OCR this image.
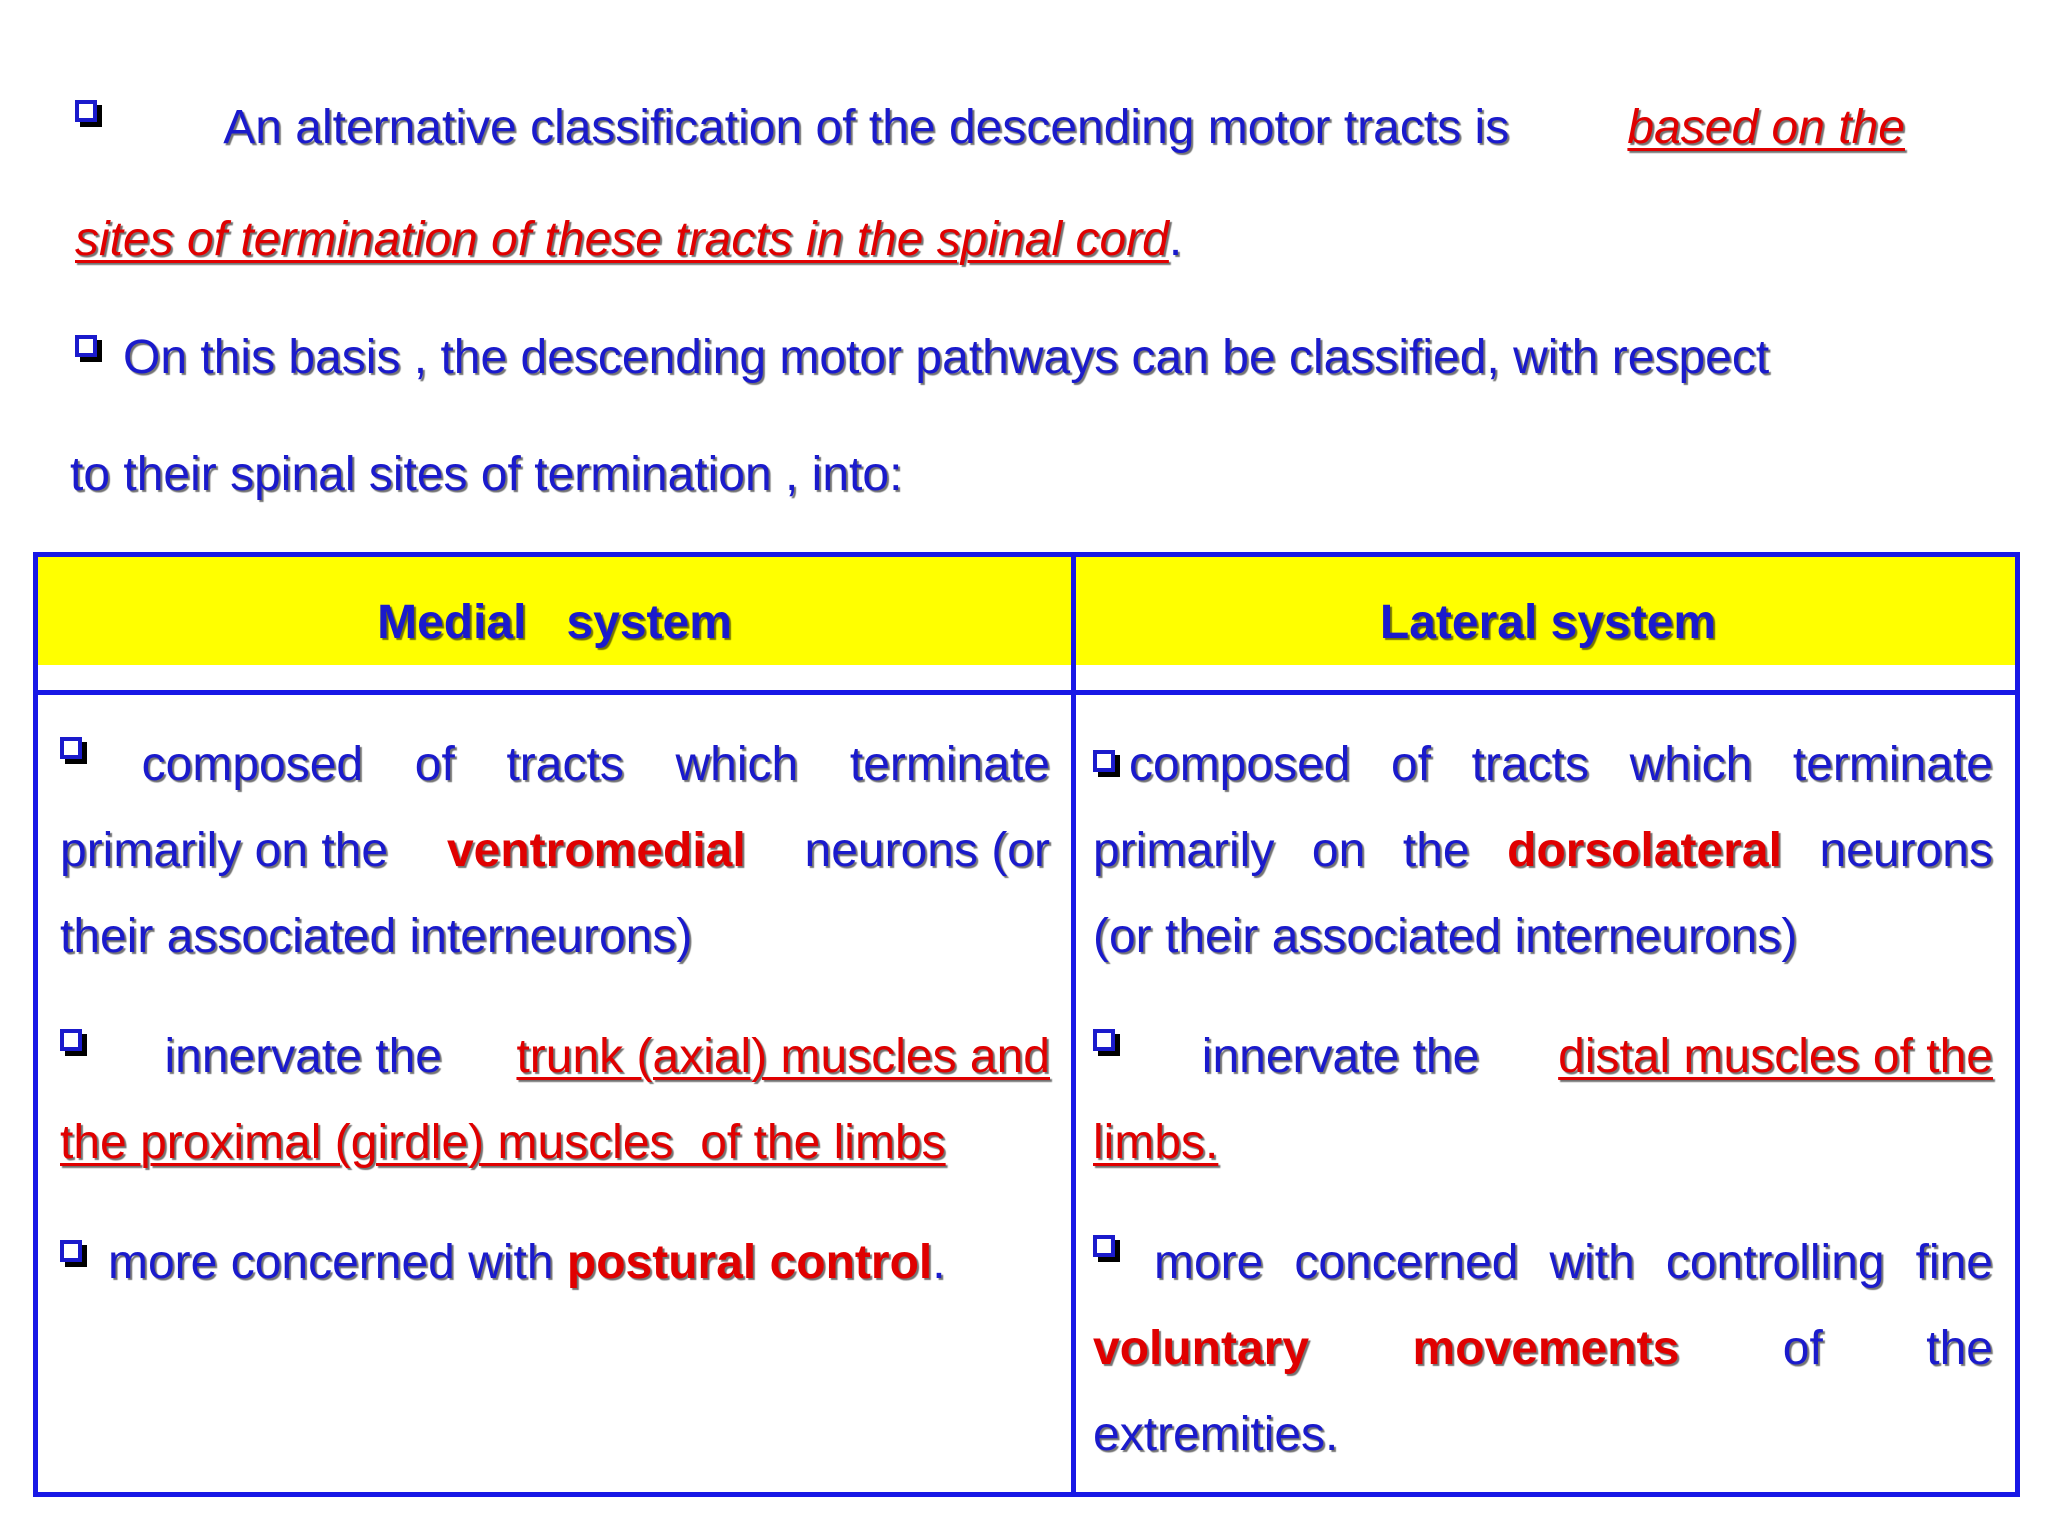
An alternative classification of the descending motor tracts is based on the
sites of termination of these tracts in the spinal cord.
On this basis , the descending motor pathways can be classified, with respect
to their spinal sites of termination , into:
Medial   system	Lateral system
composed of tracts which terminate
primarily on the ventromedial neurons (or
their associated interneurons)
innervate the trunk (axial) muscles and
the proximal (girdle) muscles  of the limbs
more concerned with postural control.
composed of tracts which terminate
primarily on the dorsolateral neurons
(or their associated interneurons)
innervate the distal muscles of the
limbs.
more concerned with controlling fine
voluntary movements of the
extremities.
